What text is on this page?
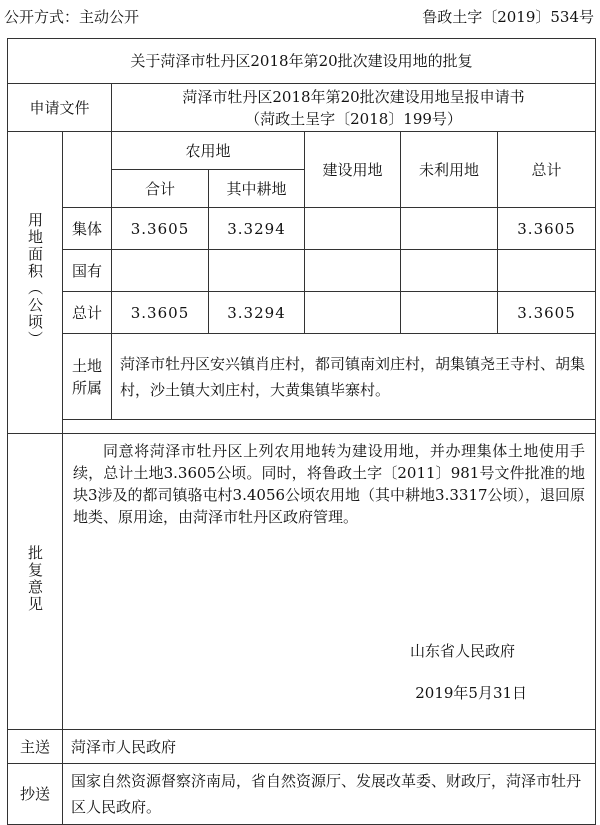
公开方式：主动公开	鲁政土字〔2019〕534号
关于菏泽市牡丹区2018年第20批次建设用地的批复						
申请文件		菏泽市牡丹区2018年第20批次建设用地呈报申请书
（菏政土呈字〔2018〕199号）				

用地面积（公顷）		农用地		建设用地	未利用地	总计
		合计	其中耕地			
	集体	3.3605	3.3294			3.3605
	国有					
	总计	3.3605	3.3294			3.3605
	土地所属	菏泽市牡丹区安兴镇肖庄村，都司镇南刘庄村，胡集镇尧王寺村、胡集村，沙土镇大刘庄村，大黄集镇毕寨村。				

批复意见	同意将菏泽市牡丹区上列农用地转为建设用地，并办理集体土地使用手续，总计土地3.3605公顷。同时，将鲁政土字〔2011〕981号文件批准的地块3涉及的都司镇骆屯村3.4056公顷农用地（其中耕地3.3317公顷），退回原地类、原用途，由菏泽市牡丹区政府管理。
山东省人民政府
2019年5月31日					

主送	菏泽市人民政府					
抄送	国家自然资源督察济南局，省自然资源厅、发展改革委、财政厅，菏泽市牡丹区人民政府。					
